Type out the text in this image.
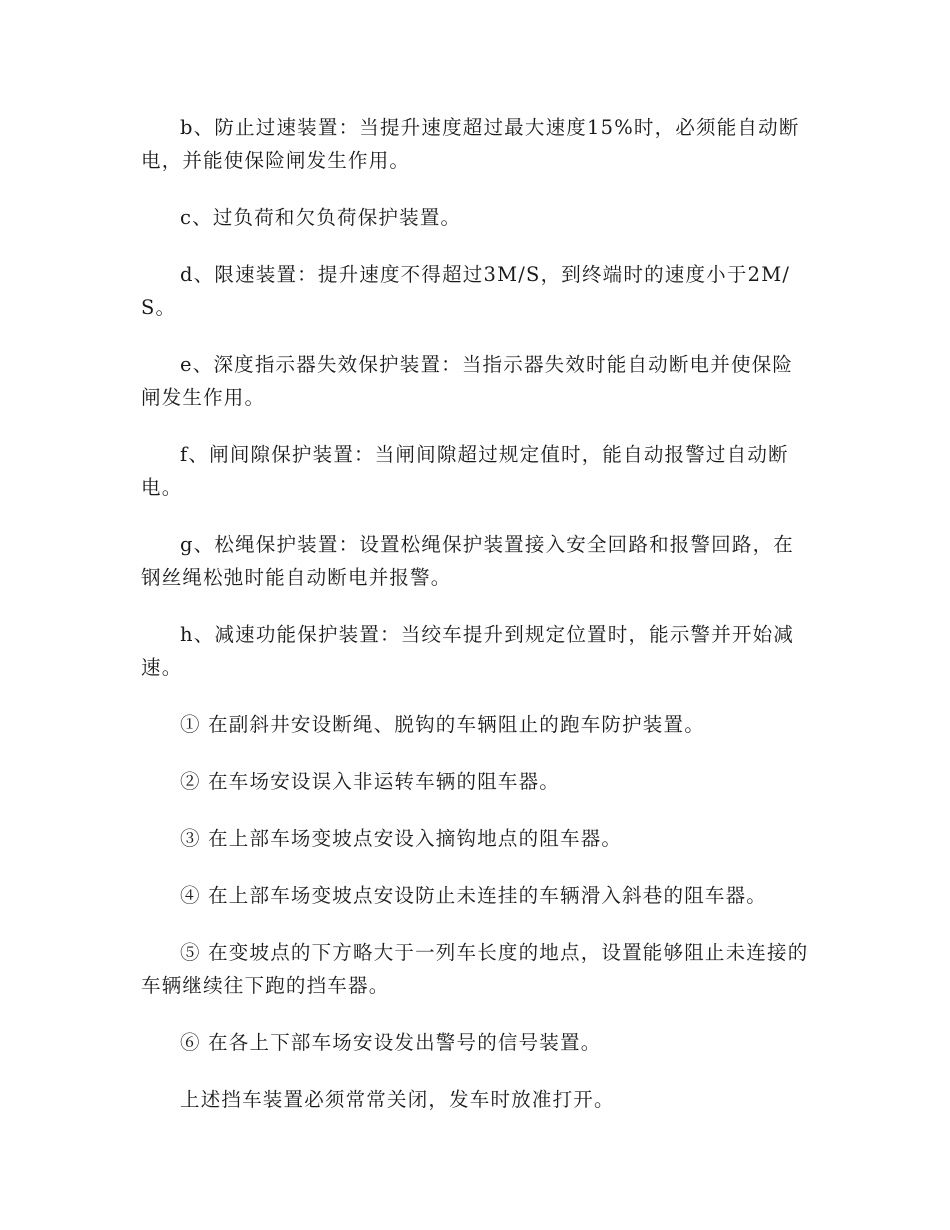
b、防止过速装置：当提升速度超过最大速度15%时，必须能自动断电，并能使保险闸发生作用。

c、过负荷和欠负荷保护装置。

d、限速装置：提升速度不得超过3M/S，到终端时的速度小于2M/S。

e、深度指示器失效保护装置：当指示器失效时能自动断电并使保险闸发生作用。

f、闸间隙保护装置：当闸间隙超过规定值时，能自动报警过自动断电。

g、松绳保护装置：设置松绳保护装置接入安全回路和报警回路，在钢丝绳松弛时能自动断电并报警。

h、减速功能保护装置：当绞车提升到规定位置时，能示警并开始减速。

① 在副斜井安设断绳、脱钩的车辆阻止的跑车防护装置。

② 在车场安设误入非运转车辆的阻车器。

③ 在上部车场变坡点安设入摘钩地点的阻车器。

④ 在上部车场变坡点安设防止未连挂的车辆滑入斜巷的阻车器。

⑤ 在变坡点的下方略大于一列车长度的地点，设置能够阻止未连接的车辆继续往下跑的挡车器。

⑥ 在各上下部车场安设发出警号的信号装置。

上述挡车装置必须常常关闭，发车时放准打开。
